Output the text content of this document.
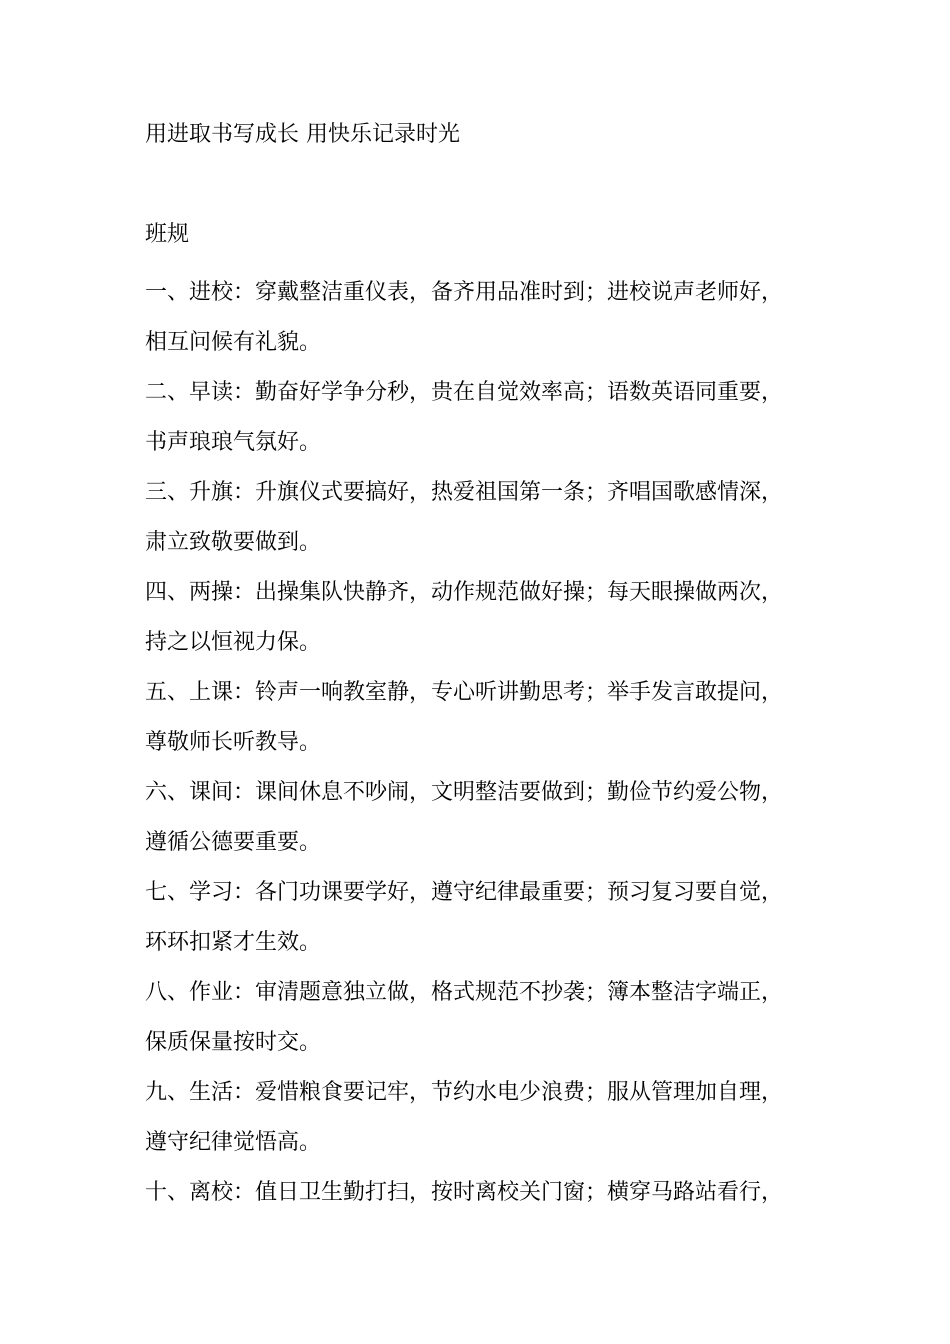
用进取书写成长 用快乐记录时光
班规
一、进校：穿戴整洁重仪表，备齐用品准时到；进校说声老师好，
相互问候有礼貌。
二、早读：勤奋好学争分秒，贵在自觉效率高；语数英语同重要，
书声琅琅气氛好。
三、升旗：升旗仪式要搞好，热爱祖国第一条；齐唱国歌感情深，
肃立致敬要做到。
四、两操：出操集队快静齐，动作规范做好操；每天眼操做两次，
持之以恒视力保。
五、上课：铃声一响教室静，专心听讲勤思考；举手发言敢提问，
尊敬师长听教导。
六、课间：课间休息不吵闹，文明整洁要做到；勤俭节约爱公物，
遵循公德要重要。
七、学习：各门功课要学好，遵守纪律最重要；预习复习要自觉，
环环扣紧才生效。
八、作业：审清题意独立做，格式规范不抄袭；簿本整洁字端正，
保质保量按时交。
九、生活：爱惜粮食要记牢，节约水电少浪费；服从管理加自理，
遵守纪律觉悟高。
十、离校：值日卫生勤打扫，按时离校关门窗；横穿马路站看行，
